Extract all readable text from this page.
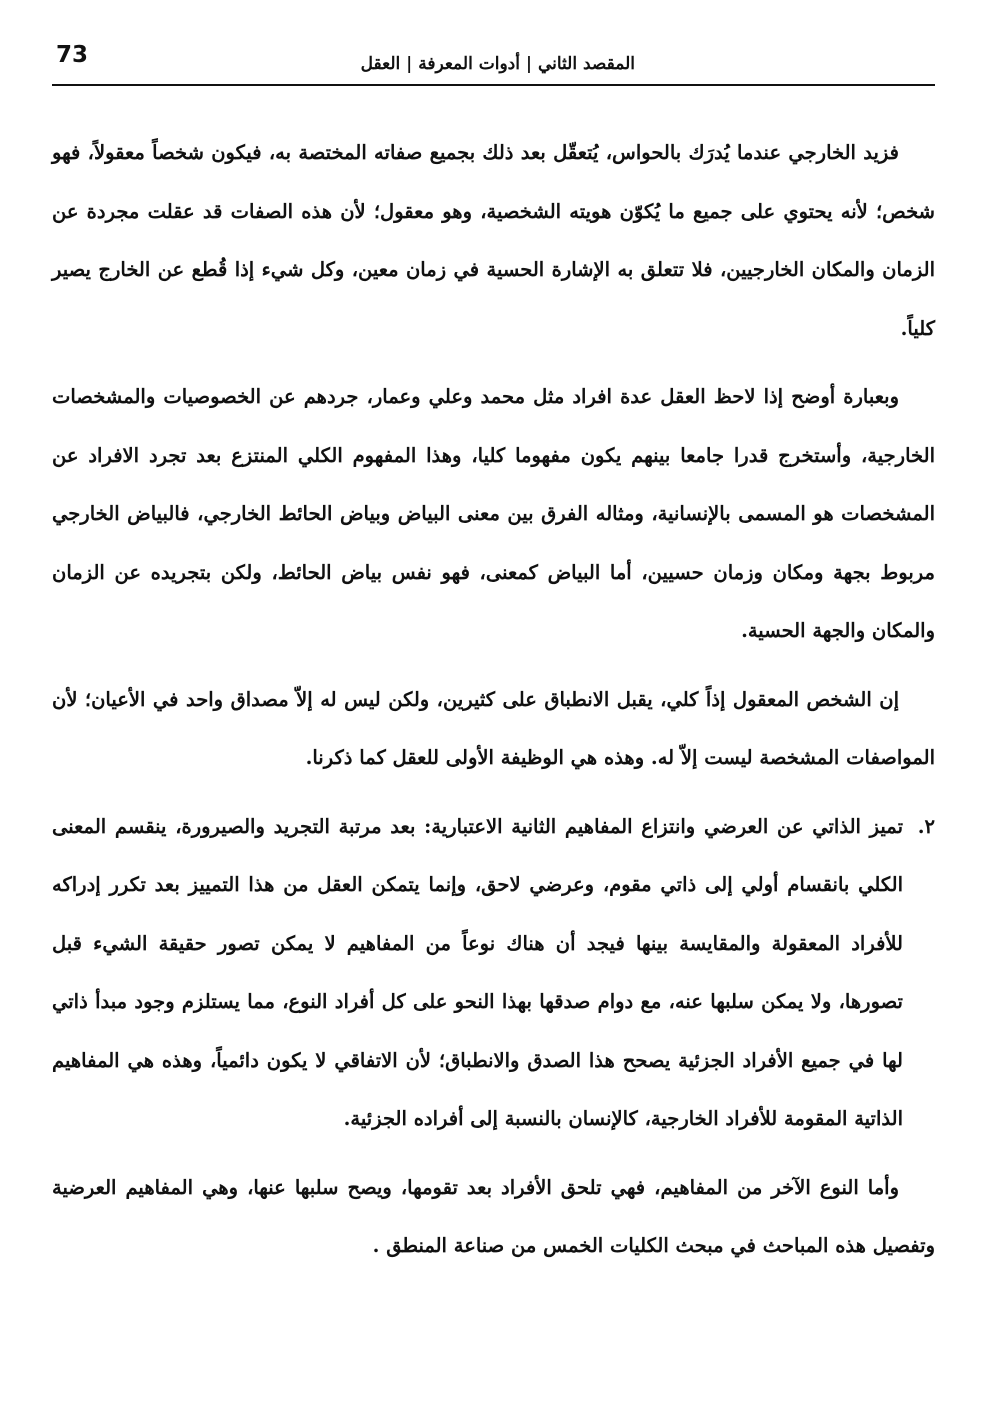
73	المقصد الثاني | أدوات المعرفة | العقل

فزيد الخارجي عندما يُدرَك بالحواس، يُتعقّل بعد ذلك بجميع صفاته المختصة به، فيكون شخصاً معقولاً، فهو شخص؛ لأنه يحتوي على جميع ما يُكوّن هويته الشخصية، وهو معقول؛ لأن هذه الصفات قد عقلت مجردة عن الزمان والمكان الخارجيين، فلا تتعلق به الإشارة الحسية في زمان معين، وكل شيء إذا قُطع عن الخارج يصير كلياً.

وبعبارة أوضح إذا لاحظ العقل عدة افراد مثل محمد وعلي وعمار، جردهم عن الخصوصيات والمشخصات الخارجية، وأستخرج قدرا جامعا بينهم يكون مفهوما كليا، وهذا المفهوم الكلي المنتزع بعد تجرد الافراد عن المشخصات هو المسمى بالإنسانية، ومثاله الفرق بين معنى البياض وبياض الحائط الخارجي، فالبياض الخارجي مربوط بجهة ومكان وزمان حسيين، أما البياض كمعنى، فهو نفس بياض الحائط، ولكن بتجريده عن الزمان والمكان والجهة الحسية.

إن الشخص المعقول إذاً كلي، يقبل الانطباق على كثيرين، ولكن ليس له إلاّ مصداق واحد في الأعيان؛ لأن المواصفات المشخصة ليست إلاّ له. وهذه هي الوظيفة الأولى للعقل كما ذكرنا.

٢.

تميز الذاتي عن العرضي وانتزاع المفاهيم الثانية الاعتبارية: بعد مرتبة التجريد والصيرورة، ينقسم المعنى الكلي بانقسام أولي إلى ذاتي مقوم، وعرضي لاحق، وإنما يتمكن العقل من هذا التمييز بعد تكرر إدراكه للأفراد المعقولة والمقايسة بينها فيجد أن هناك نوعاً من المفاهيم لا يمكن تصور حقيقة الشيء قبل تصورها، ولا يمكن سلبها عنه، مع دوام صدقها بهذا النحو على كل أفراد النوع، مما يستلزم وجود مبدأ ذاتي لها في جميع الأفراد الجزئية يصحح هذا الصدق والانطباق؛ لأن الاتفاقي لا يكون دائمياً، وهذه هي المفاهيم الذاتية المقومة للأفراد الخارجية، كالإنسان بالنسبة إلى أفراده الجزئية.

وأما النوع الآخر من المفاهيم، فهي تلحق الأفراد بعد تقومها، ويصح سلبها عنها، وهي المفاهيم العرضية وتفصيل هذه المباحث في مبحث الكليات الخمس من صناعة المنطق .
